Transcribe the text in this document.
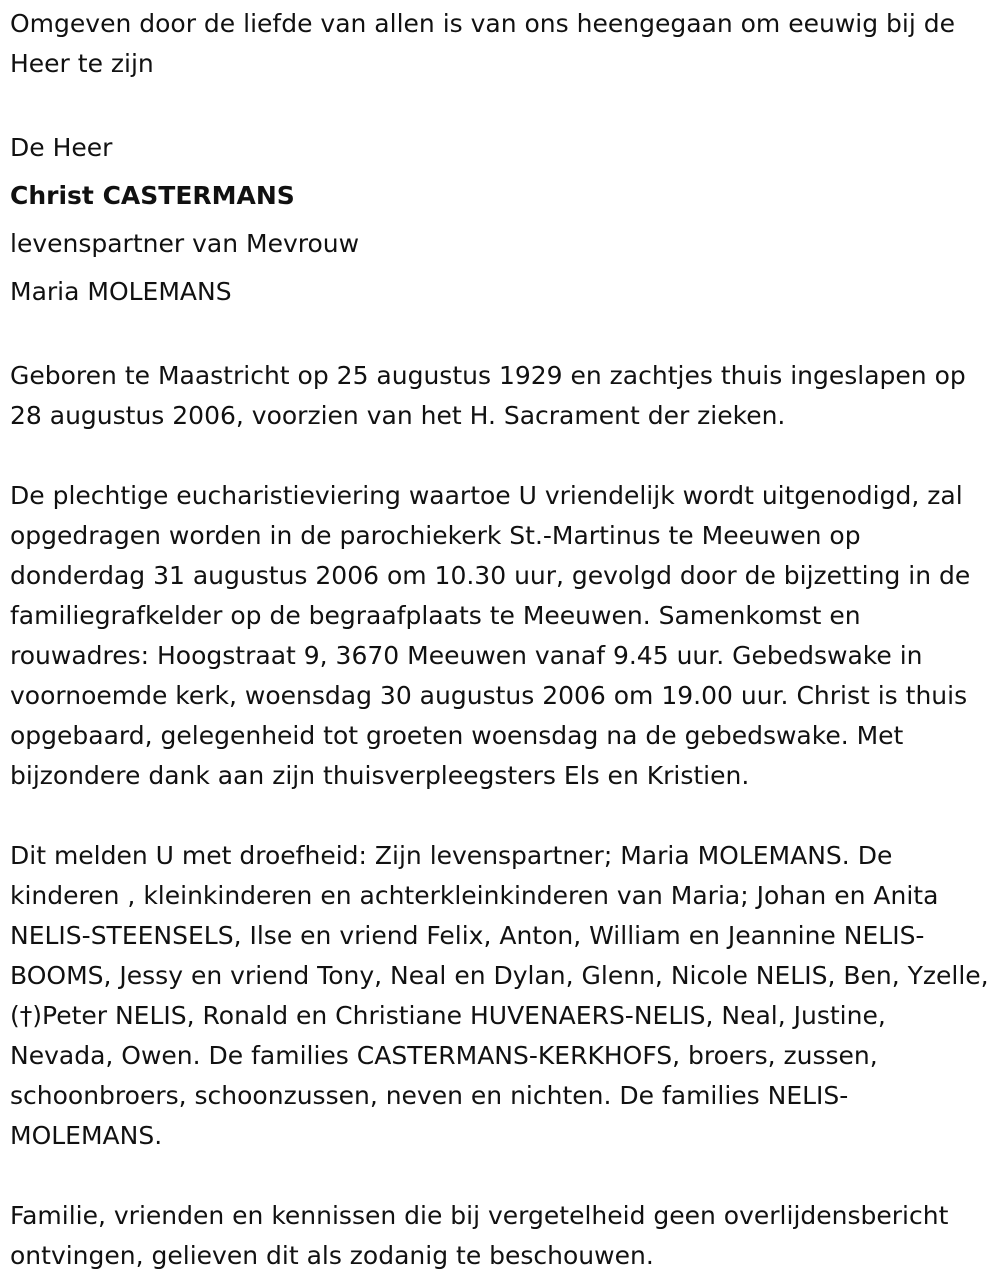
Omgeven door de liefde van allen is van ons heengegaan om eeuwig bij de Heer te zijn

De Heer
Christ CASTERMANS
levenspartner van Mevrouw
Maria MOLEMANS

Geboren te Maastricht op 25 augustus 1929 en zachtjes thuis ingeslapen op 28 augustus 2006, voorzien van het H. Sacrament der zieken.

De plechtige eucharistieviering waartoe U vriendelijk wordt uitgenodigd, zal opgedragen worden in de parochiekerk St.-Martinus te Meeuwen op donderdag 31 augustus 2006 om 10.30 uur, gevolgd door de bijzetting in de familiegrafkelder op de begraafplaats te Meeuwen. Samenkomst en rouwadres: Hoogstraat 9, 3670 Meeuwen vanaf 9.45 uur. Gebedswake in voornoemde kerk, woensdag 30 augustus 2006 om 19.00 uur. Christ is thuis opgebaard, gelegenheid tot groeten woensdag na de gebedswake. Met bijzondere dank aan zijn thuisverpleegsters Els en Kristien.

Dit melden U met droefheid: Zijn levenspartner; Maria MOLEMANS. De kinderen , kleinkinderen en achterkleinkinderen van Maria; Johan en Anita NELIS-STEENSELS, Ilse en vriend Felix, Anton, William en Jeannine NELIS-BOOMS, Jessy en vriend Tony, Neal en Dylan, Glenn, Nicole NELIS, Ben, Yzelle, (†)Peter NELIS, Ronald en Christiane HUVENAERS-NELIS, Neal, Justine, Nevada, Owen. De families CASTERMANS-KERKHOFS, broers, zussen, schoonbroers, schoonzussen, neven en nichten. De families NELIS-MOLEMANS.

Familie, vrienden en kennissen die bij vergetelheid geen overlijdensbericht ontvingen, gelieven dit als zodanig te beschouwen.
